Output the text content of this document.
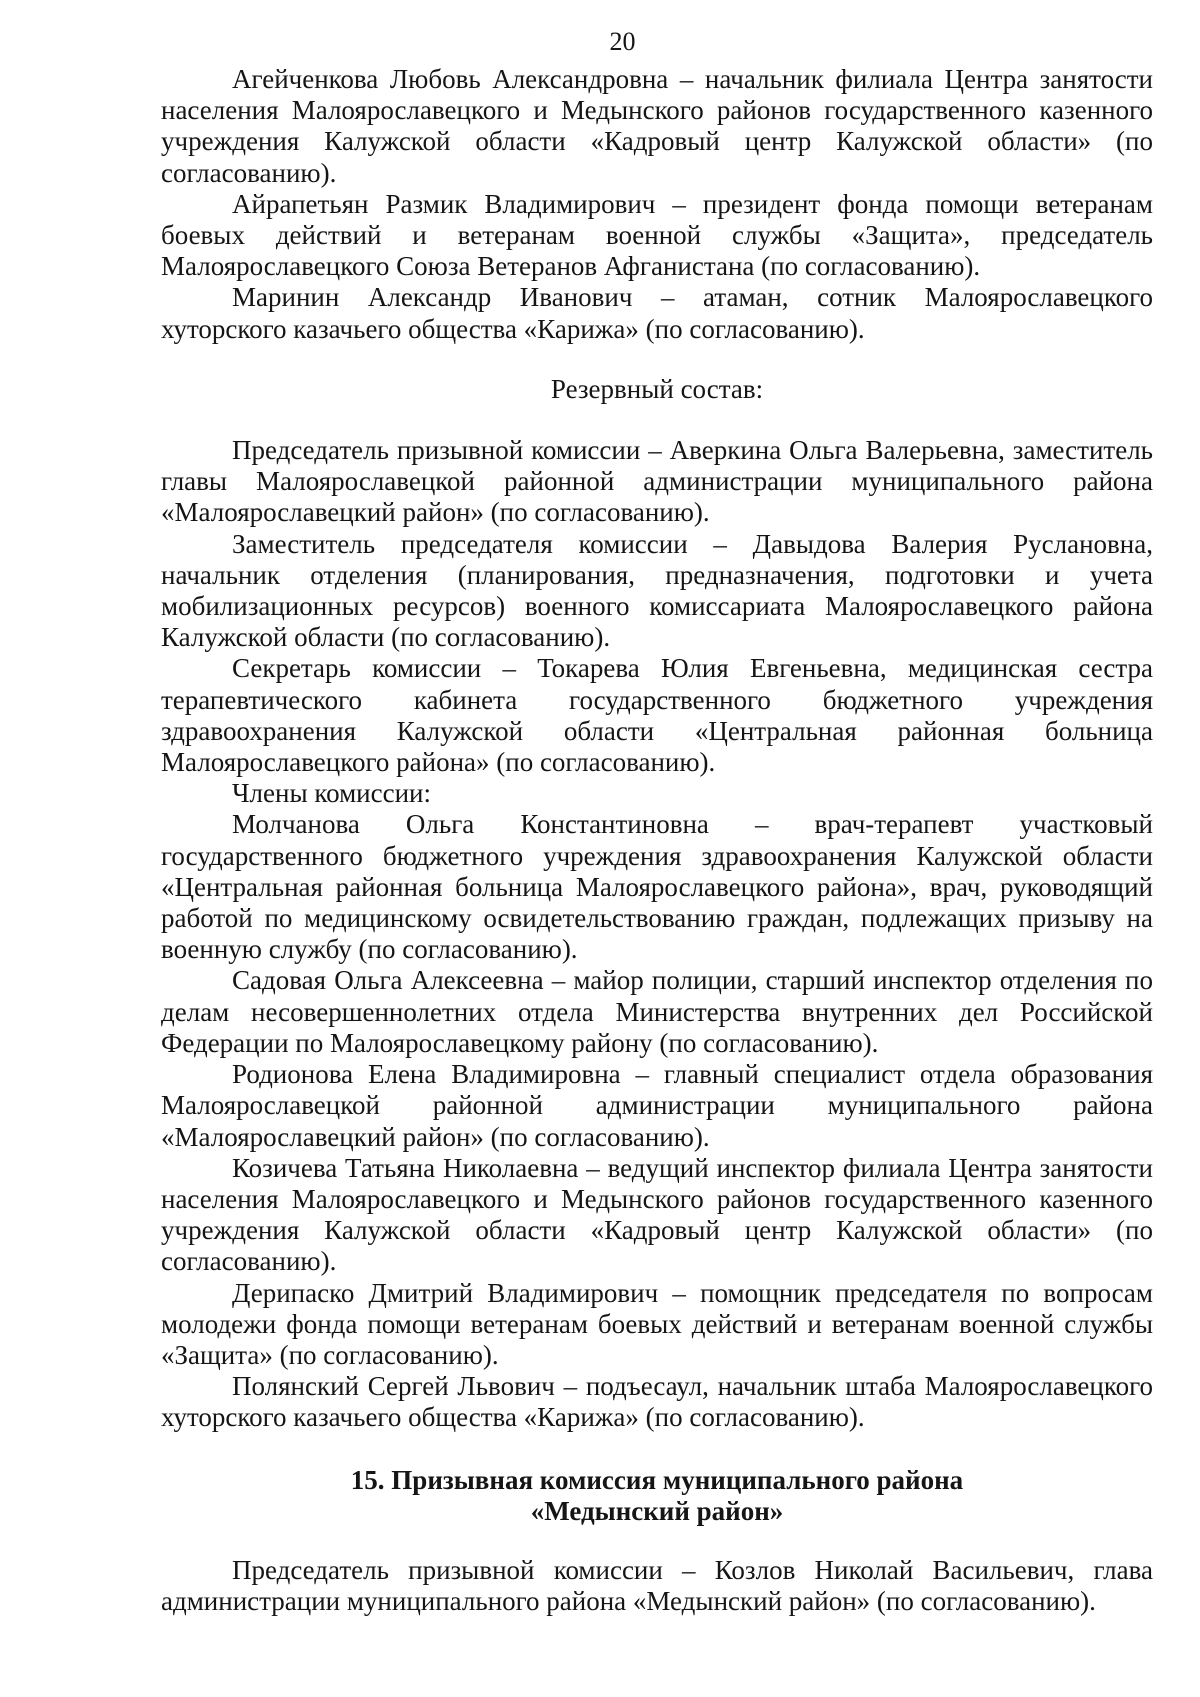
20

Агейченкова Любовь Александровна – начальник филиала Центра занятости населения Малоярославецкого и Медынского районов государственного казенного учреждения Калужской области «Кадровый центр Калужской области» (по согласованию).

Айрапетьян Размик Владимирович – президент фонда помощи ветеранам боевых действий и ветеранам военной службы «Защита», председатель Малоярославецкого Союза Ветеранов Афганистана (по согласованию).

Маринин Александр Иванович – атаман, сотник Малоярославецкого хуторского казачьего общества «Карижа» (по согласованию).

Резервный состав:

Председатель призывной комиссии – Аверкина Ольга Валерьевна, заместитель главы Малоярославецкой районной администрации муниципального района «Малоярославецкий район» (по согласованию).

Заместитель председателя комиссии – Давыдова Валерия Руслановна, начальник отделения (планирования, предназначения, подготовки и учета мобилизационных ресурсов) военного комиссариата Малоярославецкого района Калужской области (по согласованию).

Секретарь комиссии – Токарева Юлия Евгеньевна, медицинская сестра терапевтического кабинета государственного бюджетного учреждения здравоохранения Калужской области «Центральная районная больница Малоярославецкого района» (по согласованию).

Члены комиссии:

Молчанова Ольга Константиновна – врач-терапевт участковый государственного бюджетного учреждения здравоохранения Калужской области «Центральная районная больница Малоярославецкого района», врач, руководящий работой по медицинскому освидетельствованию граждан, подлежащих призыву на военную службу (по согласованию).

Садовая Ольга Алексеевна – майор полиции, старший инспектор отделения по делам несовершеннолетних отдела Министерства внутренних дел Российской Федерации по Малоярославецкому району (по согласованию).

Родионова Елена Владимировна – главный специалист отдела образования Малоярославецкой районной администрации муниципального района «Малоярославецкий район» (по согласованию).

Козичева Татьяна Николаевна – ведущий инспектор филиала Центра занятости населения Малоярославецкого и Медынского районов государственного казенного учреждения Калужской области «Кадровый центр Калужской области» (по согласованию).

Дерипаско Дмитрий Владимирович – помощник председателя по вопросам молодежи фонда помощи ветеранам боевых действий и ветеранам военной службы «Защита» (по согласованию).

Полянский Сергей Львович – подъесаул, начальник штаба Малоярославецкого хуторского казачьего общества «Карижа» (по согласованию).

15. Призывная комиссия муниципального района
«Медынский район»

Председатель призывной комиссии – Козлов Николай Васильевич, глава администрации муниципального района «Медынский район» (по согласованию).
